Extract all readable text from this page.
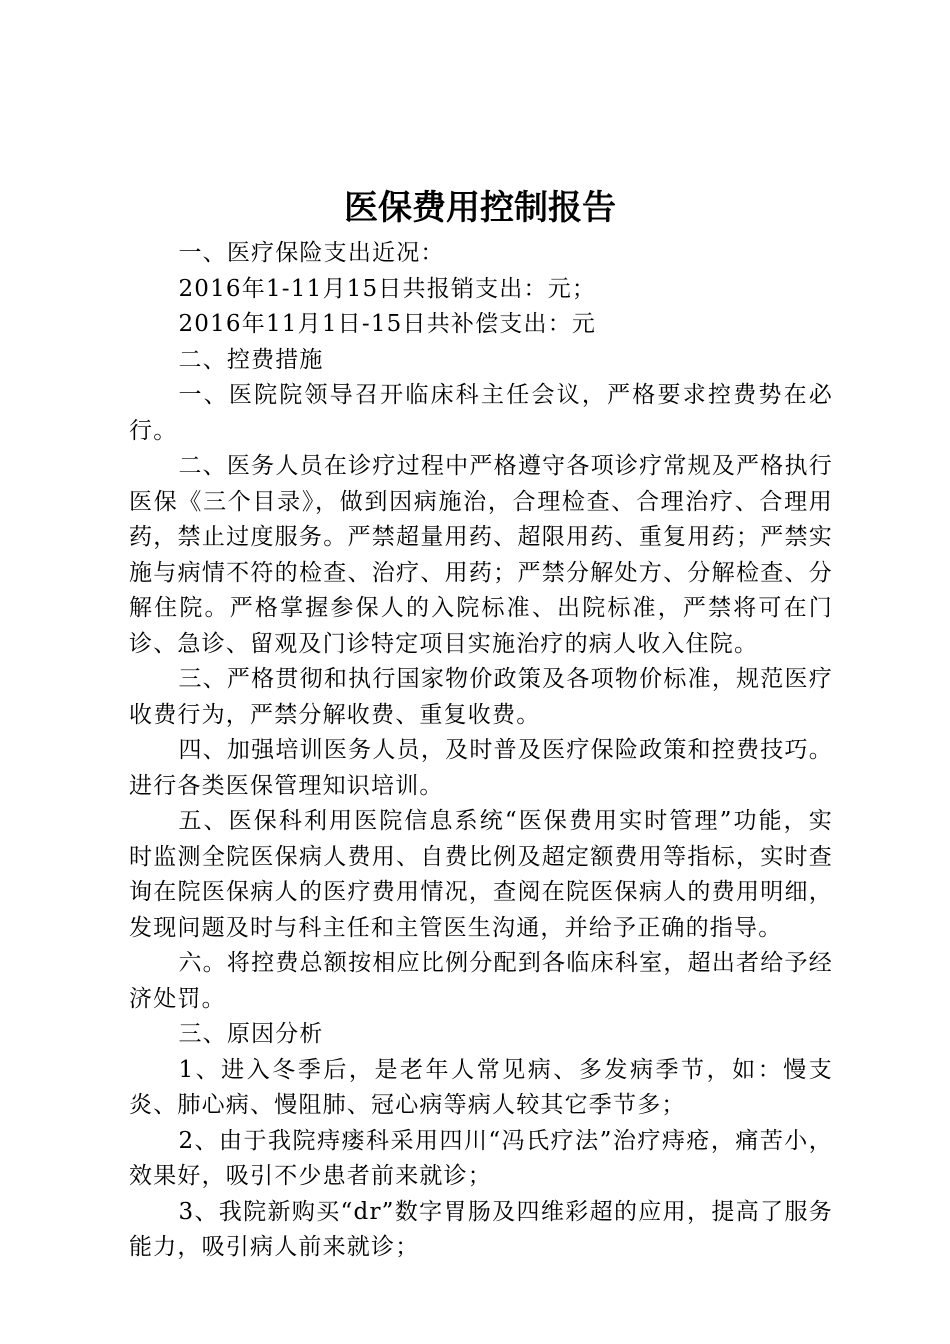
医保费用控制报告

一、医疗保险支出近况：

2016年1-11月15日共报销支出：元；

2016年11月1日-15日共补偿支出：元

二、控费措施

一、医院院领导召开临床科主任会议，严格要求控费势在必行。

二、医务人员在诊疗过程中严格遵守各项诊疗常规及严格执行医保《三个目录》，做到因病施治，合理检查、合理治疗、合理用药，禁止过度服务。严禁超量用药、超限用药、重复用药；严禁实施与病情不符的检查、治疗、用药；严禁分解处方、分解检查、分解住院。严格掌握参保人的入院标准、出院标准，严禁将可在门诊、急诊、留观及门诊特定项目实施治疗的病人收入住院。

三、严格贯彻和执行国家物价政策及各项物价标准，规范医疗收费行为，严禁分解收费、重复收费。

四、加强培训医务人员，及时普及医疗保险政策和控费技巧。进行各类医保管理知识培训。

五、医保科利用医院信息系统“医保费用实时管理”功能，实时监测全院医保病人费用、自费比例及超定额费用等指标，实时查询在院医保病人的医疗费用情况，查阅在院医保病人的费用明细，发现问题及时与科主任和主管医生沟通，并给予正确的指导。

六。将控费总额按相应比例分配到各临床科室，超出者给予经济处罚。

三、原因分析

1、进入冬季后，是老年人常见病、多发病季节，如：慢支炎、肺心病、慢阻肺、冠心病等病人较其它季节多；

2、由于我院痔瘘科采用四川“冯氏疗法”治疗痔疮，痛苦小，效果好，吸引不少患者前来就诊；

3、我院新购买“dr”数字胃肠及四维彩超的应用，提高了服务能力，吸引病人前来就诊；
